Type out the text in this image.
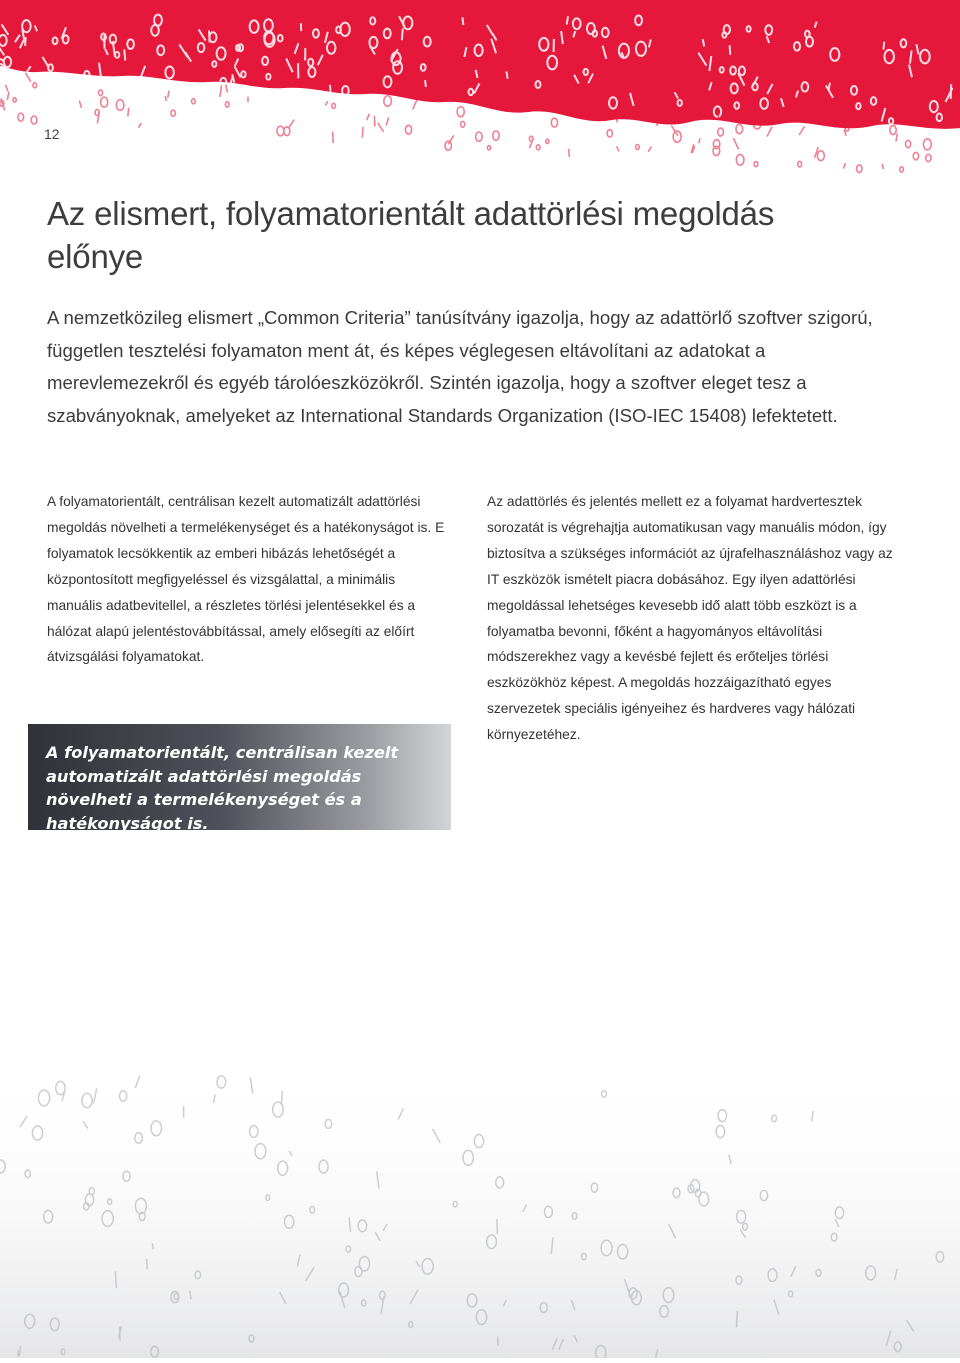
12
Az elismert, folyamatorientált adattörlési megoldás előnye

A nemzetközileg elismert „Common Criteria” tanúsítvány igazolja, hogy az adattörlő szoftver szigorú, független tesztelési folyamaton ment át, és képes véglegesen eltávolítani az adatokat a merevlemezekről és egyéb tárolóeszközökről. Szintén igazolja, hogy a szoftver eleget tesz a szabványoknak, amelyeket az International Standards Organization (ISO-IEC 15408) lefektetett.

A folyamatorientált, centrálisan kezelt automatizált adattörlési megoldás növelheti a termelékenységet és a hatékonyságot is. E folyamatok lecsökkentik az emberi hibázás lehetőségét a központosított megfigyeléssel és vizsgálattal, a minimális manuális adatbevitellel, a részletes törlési jelentésekkel és a hálózat alapú jelentéstovábbítással, amely elősegíti az előírt átvizsgálási folyamatokat.

Az adattörlés és jelentés mellett ez a folyamat hardvertesztek sorozatát is végrehajtja automatikusan vagy manuális módon, így biztosítva a szükséges információt az újrafelhasználáshoz vagy az IT eszközök ismételt piacra dobásához. Egy ilyen adattörlési megoldással lehetséges kevesebb idő alatt több eszközt is a folyamatba bevonni, főként a hagyományos eltávolítási módszerekhez vagy a kevésbé fejlett és erőteljes törlési eszközökhöz képest. A megoldás hozzáigazítható egyes szervezetek speciális igényeihez és hardveres vagy hálózati környezetéhez.

A folyamatorientált, centrálisan kezelt automatizált adattörlési megoldás növelheti a termelékenységet és a hatékonyságot is.
